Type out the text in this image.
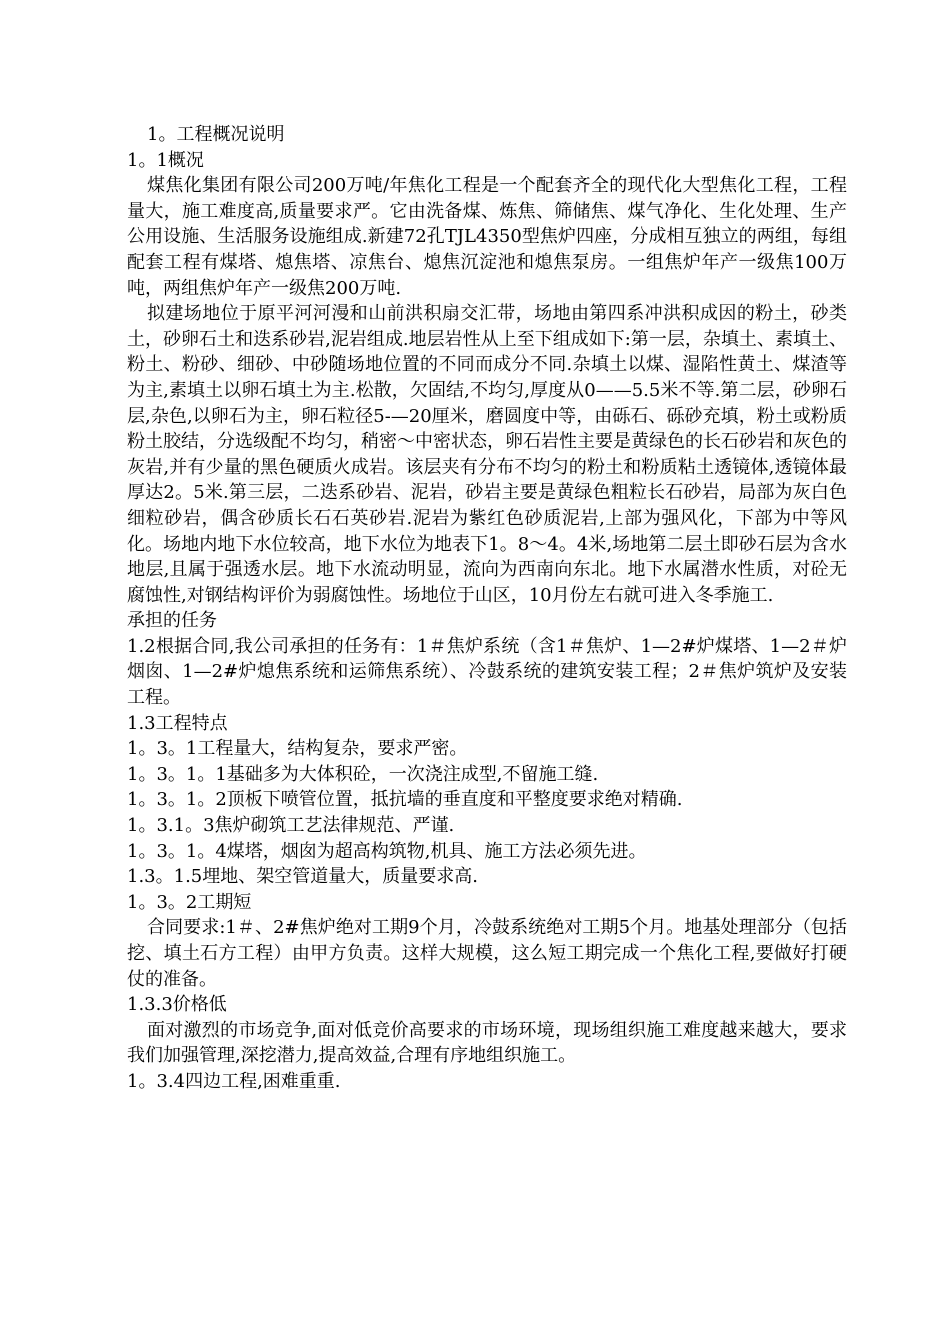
1。工程概况说明

1。1概况

煤焦化集团有限公司200万吨/年焦化工程是一个配套齐全的现代化大型焦化工程，工程量大，施工难度高,质量要求严。它由洗备煤、炼焦、筛储焦、煤气净化、生化处理、生产公用设施、生活服务设施组成.新建72孔TJL4350型焦炉四座，分成相互独立的两组，每组配套工程有煤塔、熄焦塔、凉焦台、熄焦沉淀池和熄焦泵房。一组焦炉年产一级焦100万吨，两组焦炉年产一级焦200万吨.

拟建场地位于原平河河漫和山前洪积扇交汇带，场地由第四系冲洪积成因的粉土，砂类土，砂卵石土和迭系砂岩,泥岩组成.地层岩性从上至下组成如下:第一层，杂填土、素填土、粉土、粉砂、细砂、中砂随场地位置的不同而成分不同.杂填土以煤、湿陷性黄土、煤渣等为主,素填土以卵石填土为主.松散，欠固结,不均匀,厚度从0——5.5米不等.第二层，砂卵石层,杂色,以卵石为主，卵石粒径5-—20厘米，磨圆度中等，由砾石、砾砂充填，粉土或粉质粉土胶结，分选级配不均匀，稍密～中密状态，卵石岩性主要是黄绿色的长石砂岩和灰色的灰岩,并有少量的黑色硬质火成岩。该层夹有分布不均匀的粉土和粉质粘土透镜体,透镜体最厚达2。5米.第三层，二迭系砂岩、泥岩，砂岩主要是黄绿色粗粒长石砂岩，局部为灰白色细粒砂岩，偶含砂质长石石英砂岩.泥岩为紫红色砂质泥岩,上部为强风化，下部为中等风化。场地内地下水位较高，地下水位为地表下1。8～4。4米,场地第二层土即砂石层为含水地层,且属于强透水层。地下水流动明显，流向为西南向东北。地下水属潜水性质，对砼无腐蚀性,对钢结构评价为弱腐蚀性。场地位于山区，10月份左右就可进入冬季施工.

承担的任务

1.2根据合同,我公司承担的任务有：1＃焦炉系统（含1＃焦炉、1—2#炉煤塔、1—2＃炉烟囱、1—2#炉熄焦系统和运筛焦系统）、冷鼓系统的建筑安装工程；2＃焦炉筑炉及安装工程。

1.3工程特点

1。3。1工程量大，结构复杂，要求严密。

1。3。1。1基础多为大体积砼，一次浇注成型,不留施工缝.

1。3。1。2顶板下喷管位置，抵抗墙的垂直度和平整度要求绝对精确.

1。3.1。3焦炉砌筑工艺法律规范、严谨.

1。3。1。4煤塔，烟囱为超高构筑物,机具、施工方法必须先进。

1.3。1.5埋地、架空管道量大，质量要求高.

1。3。2工期短

合同要求:1＃、2#焦炉绝对工期9个月，冷鼓系统绝对工期5个月。地基处理部分（包括挖、填土石方工程）由甲方负责。这样大规模，这么短工期完成一个焦化工程,要做好打硬仗的准备。

1.3.3价格低

面对激烈的市场竞争,面对低竞价高要求的市场环境，现场组织施工难度越来越大，要求我们加强管理,深挖潜力,提高效益,合理有序地组织施工。

1。3.4四边工程,困难重重.
